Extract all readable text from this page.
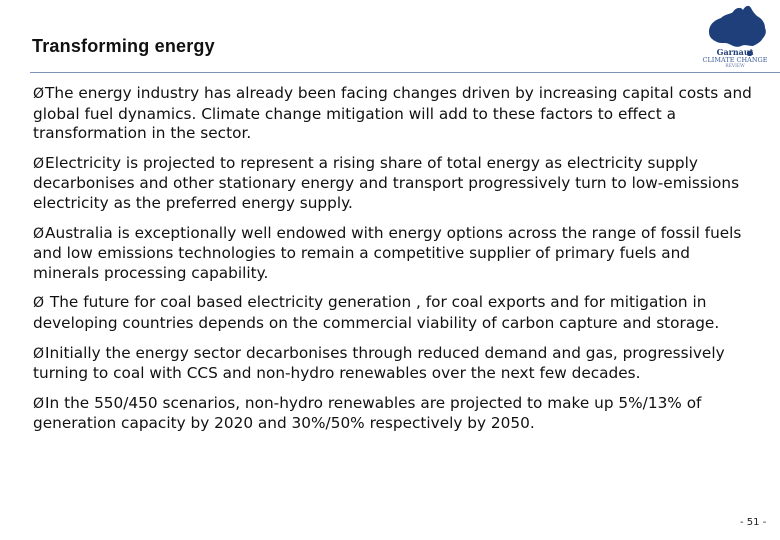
Transforming energy	Garnaut
CLIMATE CHANGE
REVIEW
ØThe energy industry has already been facing changes driven by increasing capital costs and global fuel dynamics. Climate change mitigation will add to these factors to effect a transformation in the sector.
ØElectricity is projected to represent a rising share of total energy as electricity supply decarbonises and other stationary energy and transport progressively turn to low-emissions electricity as the preferred energy supply.
ØAustralia is exceptionally well endowed with energy options across the range of fossil fuels and low emissions technologies to remain a competitive supplier of primary fuels and minerals processing capability.
Ø The future for coal based electricity generation , for coal exports and for mitigation in developing countries depends on the commercial viability of carbon capture and storage.
ØInitially the energy sector decarbonises through reduced demand and gas, progressively turning to coal with CCS and non-hydro renewables over the next few decades.
ØIn the 550/450 scenarios, non-hydro renewables are projected to make up 5%/13% of generation capacity by 2020 and 30%/50% respectively by 2050.
- 51 -
